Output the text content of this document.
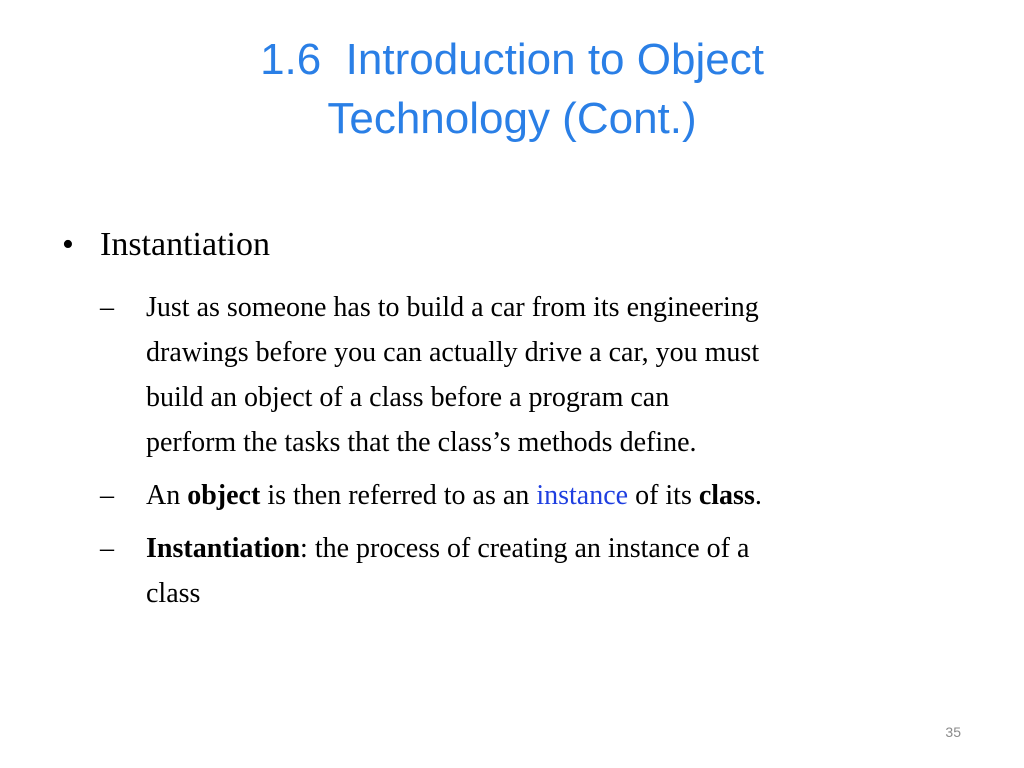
1.6  Introduction to Object
Technology (Cont.)
• Instantiation
– Just as someone has to build a car from its engineering
drawings before you can actually drive a car, you must
build an object of a class before a program can
perform the tasks that the class’s methods define.
– An object is then referred to as an instance of its class.
– Instantiation: the process of creating an instance of a
class
35
